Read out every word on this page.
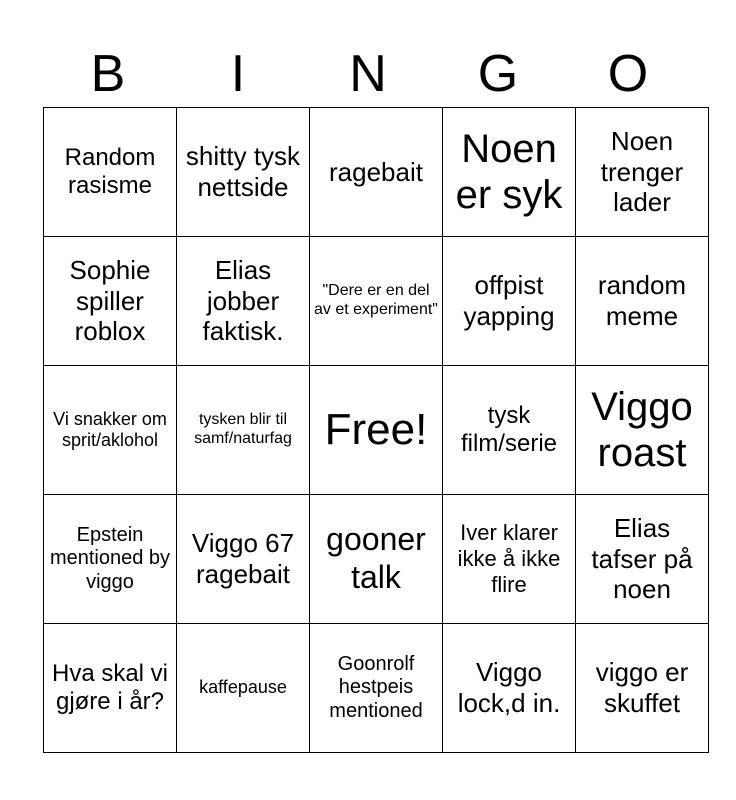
B	I	N	G	O
Random rasisme	shitty tysk nettside	ragebait	Noen er syk	Noen trenger lader
Sophie spiller roblox	Elias jobber faktisk.	"Dere er en del av et experiment"	offpist yapping	random meme
Vi snakker om sprit/aklohol	tysken blir til samf/naturfag	Free!	tysk film/serie	Viggo roast
Epstein mentioned by viggo	Viggo 67 ragebait	gooner talk	Iver klarer ikke å ikke flire	Elias tafser på noen
Hva skal vi gjøre i år?	kaffepause	Goonrolf hestpeis mentioned	Viggo lock,d in.	viggo er skuffet
